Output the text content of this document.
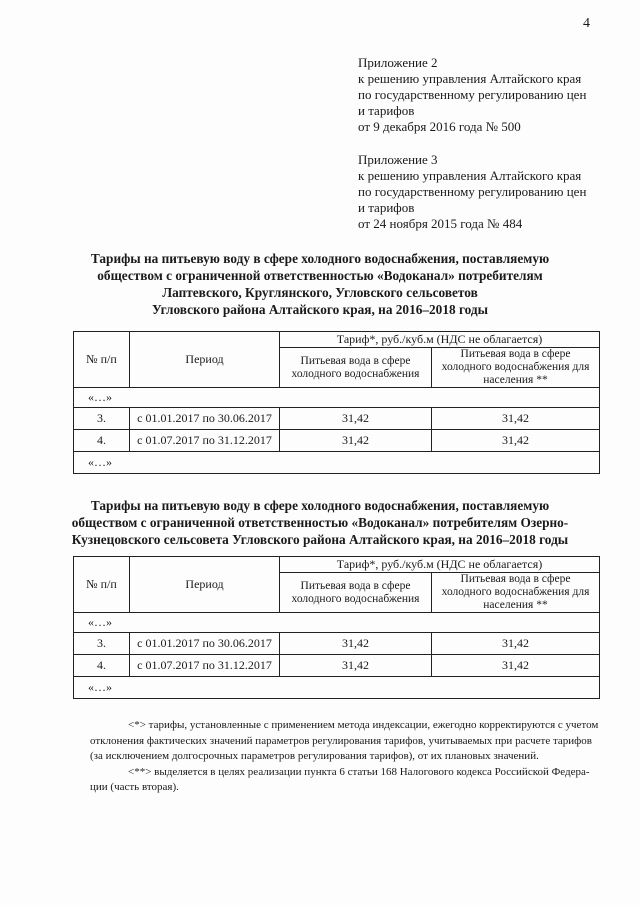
4
Приложение 2
к решению управления Алтайского края
по государственному регулированию цен
и тарифов
от 9 декабря 2016 года № 500
Приложение 3
к решению управления Алтайского края
по государственному регулированию цен
и тарифов
от 24 ноября 2015 года № 484
Тарифы на питьевую воду в сфере холодного водоснабжения, поставляемую
обществом с ограниченной ответственностью «Водоканал» потребителям
Лаптевского, Круглянского, Угловского сельсоветов
Угловского района Алтайского края, на 2016–2018 годы
№ п/п	Период	Тариф*, руб./куб.м (НДС не облагается)	
		Питьевая вода в сфере холодного водоснабжения	Питьевая вода в сфере холодного водоснабжения для населения **
«…»			
3.	с 01.01.2017 по 30.06.2017	31,42	31,42
4.	с 01.07.2017 по 31.12.2017	31,42	31,42
«…»			
Тарифы на питьевую воду в сфере холодного водоснабжения, поставляемую
обществом с ограниченной ответственностью «Водоканал» потребителям Озерно-
Кузнецовского сельсовета Угловского района Алтайского края, на 2016–2018 годы
№ п/п	Период	Тариф*, руб./куб.м (НДС не облагается)	
		Питьевая вода в сфере холодного водоснабжения	Питьевая вода в сфере холодного водоснабжения для населения **
«…»			
3.	с 01.01.2017 по 30.06.2017	31,42	31,42
4.	с 01.07.2017 по 31.12.2017	31,42	31,42
«…»			

<*> тарифы, установленные с применением метода индексации, ежегодно корректируются с учетом

отклонения фактических значений параметров регулирования тарифов, учитываемых при расчете тарифов

(за исключением долгосрочных параметров регулирования тарифов), от их плановых значений.

<**> выделяется в целях реализации пункта 6 статьи 168 Налогового кодекса Российской Федера-

ции (часть вторая).
